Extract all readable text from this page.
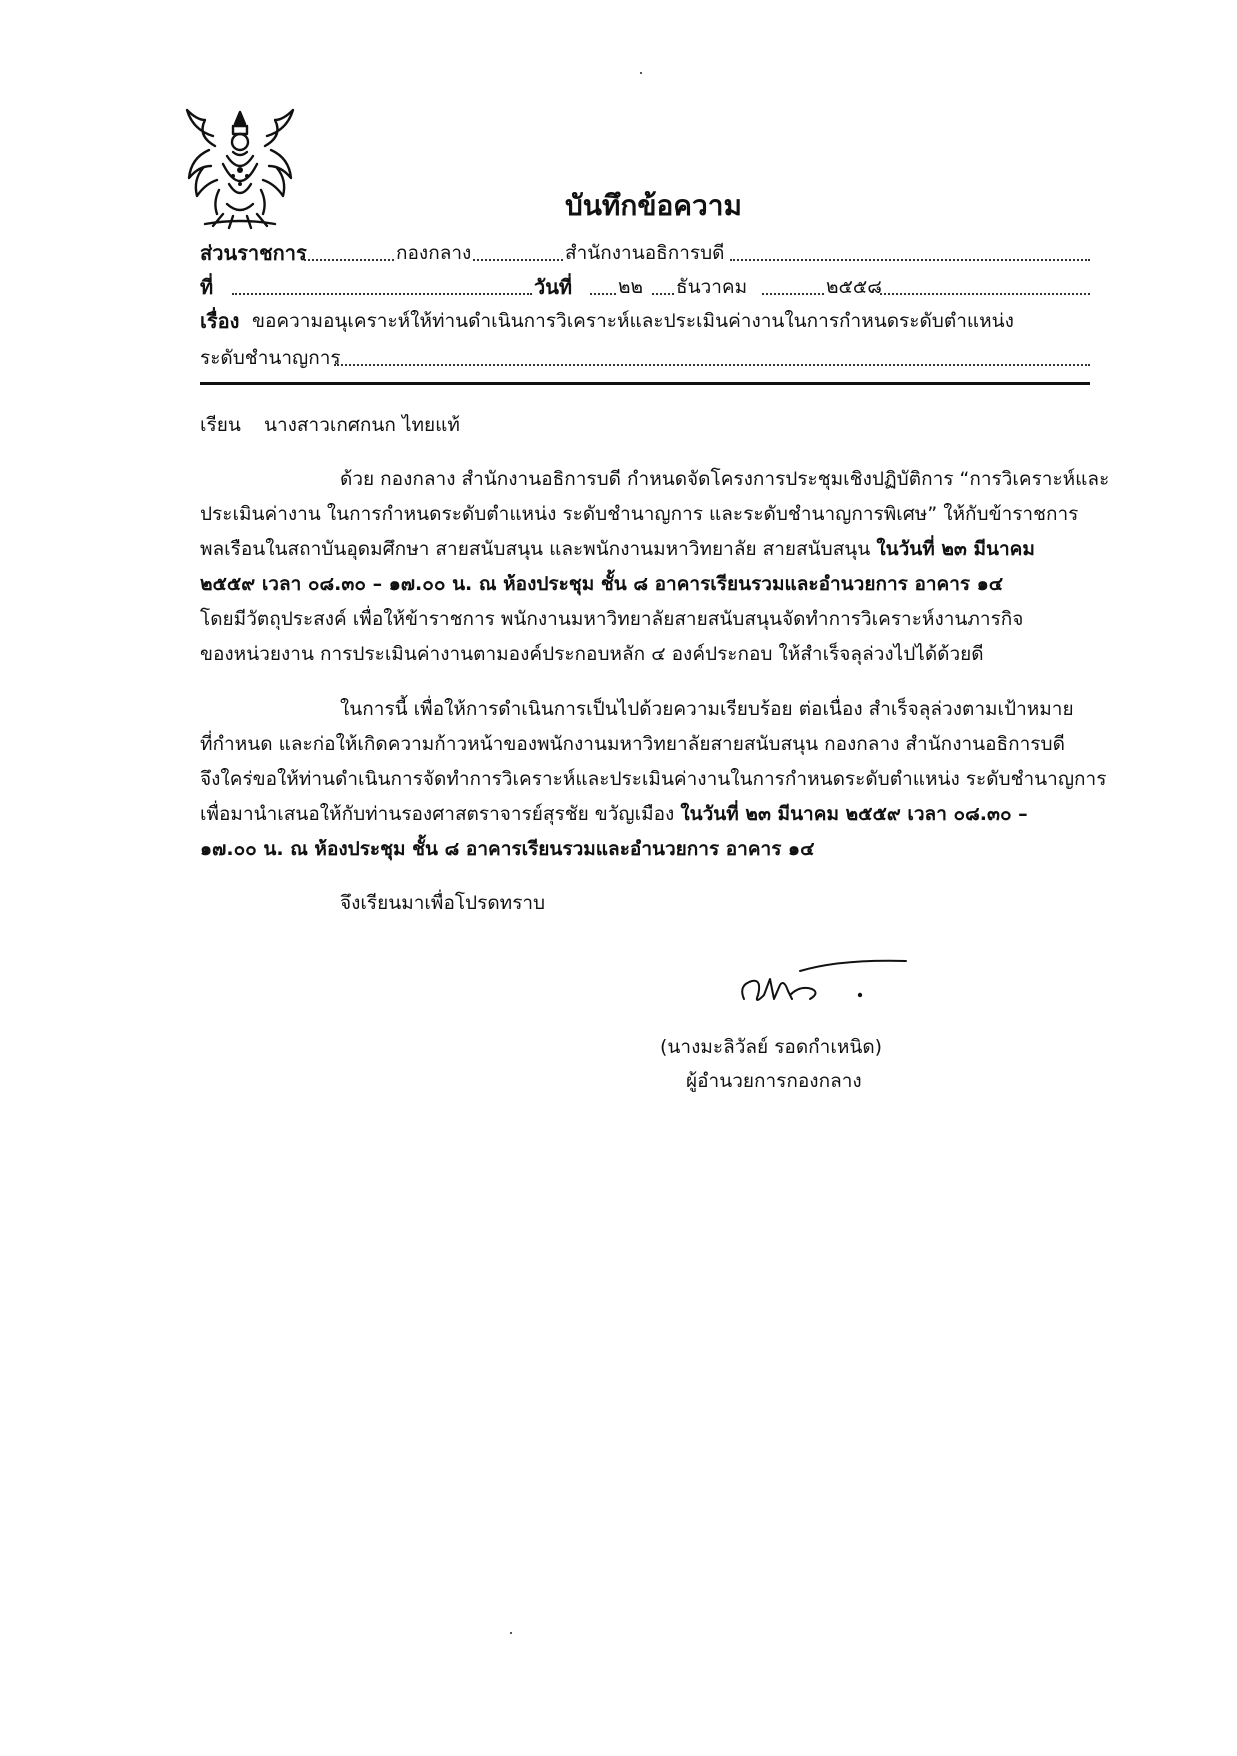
บันทึกข้อความ
ส่วนราชการ	กองกลาง	สำนักงานอธิการบดี
ที่	วันที่ ๒๒ ธันวาคม	๒๕๕๘
เรื่อง ขอความอนุเคราะห์ให้ท่านดำเนินการวิเคราะห์และประเมินค่างานในการกำหนดระดับตำแหน่ง
ระดับชำนาญการ
เรียน นางสาวเกศกนก ไทยแท้
ด้วย กองกลาง สำนักงานอธิการบดี กำหนดจัดโครงการประชุมเชิงปฏิบัติการ “การวิเคราะห์และ
ประเมินค่างาน ในการกำหนดระดับตำแหน่ง ระดับชำนาญการ และระดับชำนาญการพิเศษ” ให้กับข้าราชการ
พลเรือนในสถาบันอุดมศึกษา สายสนับสนุน และพนักงานมหาวิทยาลัย สายสนับสนุน ในวันที่ ๒๓ มีนาคม
๒๕๕๙ เวลา ๐๘.๓๐ – ๑๗.๐๐ น. ณ ห้องประชุม ชั้น ๘ อาคารเรียนรวมและอำนวยการ อาคาร ๑๔
โดยมีวัตถุประสงค์ เพื่อให้ข้าราชการ พนักงานมหาวิทยาลัยสายสนับสนุนจัดทำการวิเคราะห์งานภารกิจ
ของหน่วยงาน การประเมินค่างานตามองค์ประกอบหลัก ๔ องค์ประกอบ ให้สำเร็จลุล่วงไปได้ด้วยดี
ในการนี้ เพื่อให้การดำเนินการเป็นไปด้วยความเรียบร้อย ต่อเนื่อง สำเร็จลุล่วงตามเป้าหมาย
ที่กำหนด และก่อให้เกิดความก้าวหน้าของพนักงานมหาวิทยาลัยสายสนับสนุน กองกลาง สำนักงานอธิการบดี
จึงใคร่ขอให้ท่านดำเนินการจัดทำการวิเคราะห์และประเมินค่างานในการกำหนดระดับตำแหน่ง ระดับชำนาญการ
เพื่อมานำเสนอให้กับท่านรองศาสตราจารย์สุรชัย ขวัญเมือง ในวันที่ ๒๓ มีนาคม ๒๕๕๙ เวลา ๐๘.๓๐ –
๑๗.๐๐ น. ณ ห้องประชุม ชั้น ๘ อาคารเรียนรวมและอำนวยการ อาคาร ๑๔
จึงเรียนมาเพื่อโปรดทราบ
(นางมะลิวัลย์ รอดกำเหนิด)
ผู้อำนวยการกองกลาง
